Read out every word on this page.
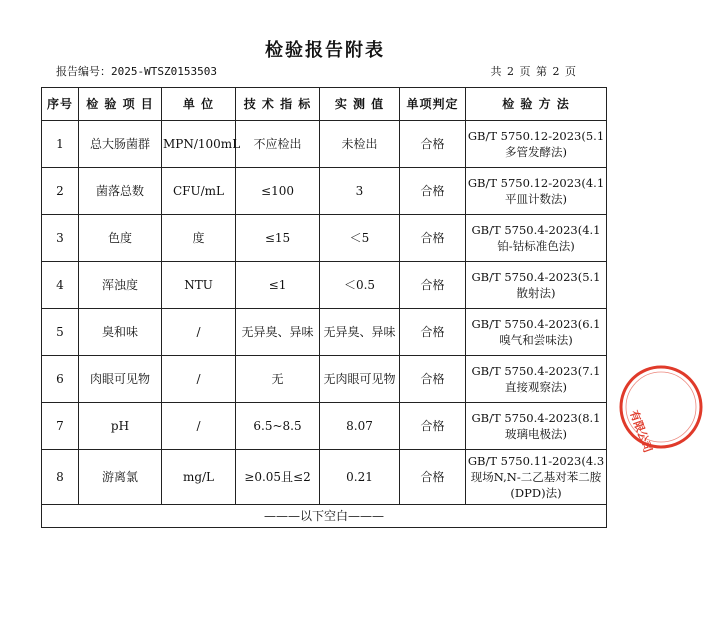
检验报告附表
报告编号：2025-WTSZ0153503	共 2 页 第 2 页
序号	检 验 项 目	单 位	技 术 指 标	实 测 值	单项判定	检 验 方 法
1	总大肠菌群	MPN/100mL	不应检出	未检出	合格	GB/T 5750.12-2023(5.1多管发酵法)
2	菌落总数	CFU/mL	≤100	3	合格	GB/T 5750.12-2023(4.1平皿计数法)
3	色度	度	≤15	＜5	合格	GB/T 5750.4-2023(4.1铂-钴标准色法)
4	浑浊度	NTU	≤1	＜0.5	合格	GB/T 5750.4-2023(5.1散射法)
5	臭和味	/	无异臭、异味	无异臭、异味	合格	GB/T 5750.4-2023(6.1嗅气和尝味法)
6	肉眼可见物	/	无	无肉眼可见物	合格	GB/T 5750.4-2023(7.1直接观察法)
7	pH	/	6.5~8.5	8.07	合格	GB/T 5750.4-2023(8.1玻璃电极法)
8	游离氯	mg/L	≥0.05且≤2	0.21	合格	GB/T 5750.11-2023(4.3现场N,N-二乙基对苯二胺(DPD)法)
———以下空白———						
有限公司
